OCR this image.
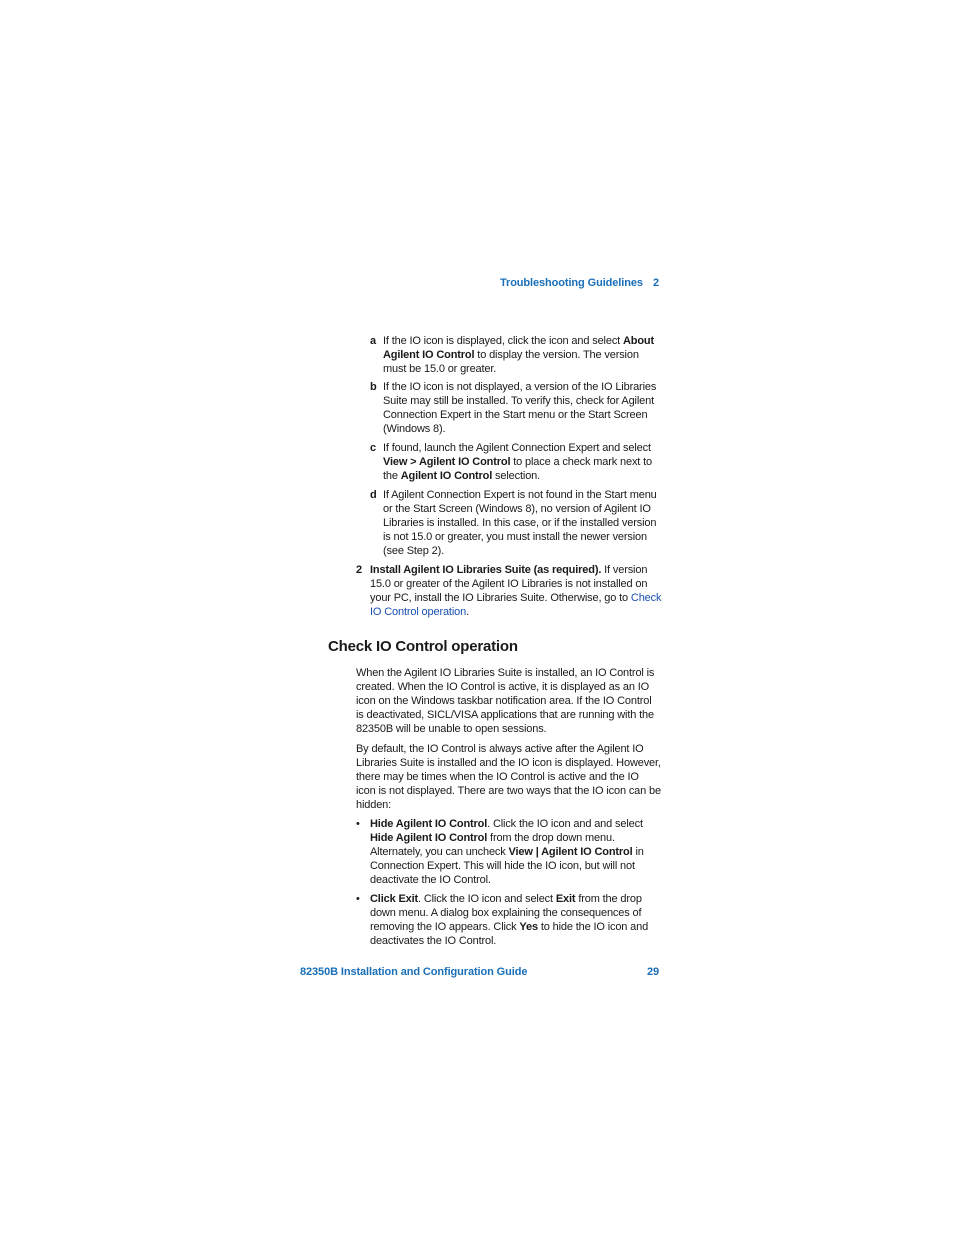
Troubleshooting Guidelines 2
a If the IO icon is displayed, click the icon and select About Agilent IO Control to display the version. The version must be 15.0 or greater.
b If the IO icon is not displayed, a version of the IO Libraries Suite may still be installed. To verify this, check for Agilent Connection Expert in the Start menu or the Start Screen (Windows 8).
c If found, launch the Agilent Connection Expert and select View > Agilent IO Control to place a check mark next to the Agilent IO Control selection.
d If Agilent Connection Expert is not found in the Start menu or the Start Screen (Windows 8), no version of Agilent IO Libraries is installed. In this case, or if the installed version is not 15.0 or greater, you must install the newer version (see Step 2).
2 Install Agilent IO Libraries Suite (as required). If version 15.0 or greater of the Agilent IO Libraries is not installed on your PC, install the IO Libraries Suite. Otherwise, go to Check IO Control operation.
Check IO Control operation
When the Agilent IO Libraries Suite is installed, an IO Control is created. When the IO Control is active, it is displayed as an IO icon on the Windows taskbar notification area. If the IO Control is deactivated, SICL/VISA applications that are running with the 82350B will be unable to open sessions.
By default, the IO Control is always active after the Agilent IO Libraries Suite is installed and the IO icon is displayed. However, there may be times when the IO Control is active and the IO icon is not displayed. There are two ways that the IO icon can be hidden:
• Hide Agilent IO Control. Click the IO icon and and select Hide Agilent IO Control from the drop down menu. Alternately, you can uncheck View | Agilent IO Control in Connection Expert. This will hide the IO icon, but will not deactivate the IO Control.
• Click Exit. Click the IO icon and select Exit from the drop down menu. A dialog box explaining the consequences of removing the IO appears. Click Yes to hide the IO icon and deactivates the IO Control.
82350B Installation and Configuration Guide	29
